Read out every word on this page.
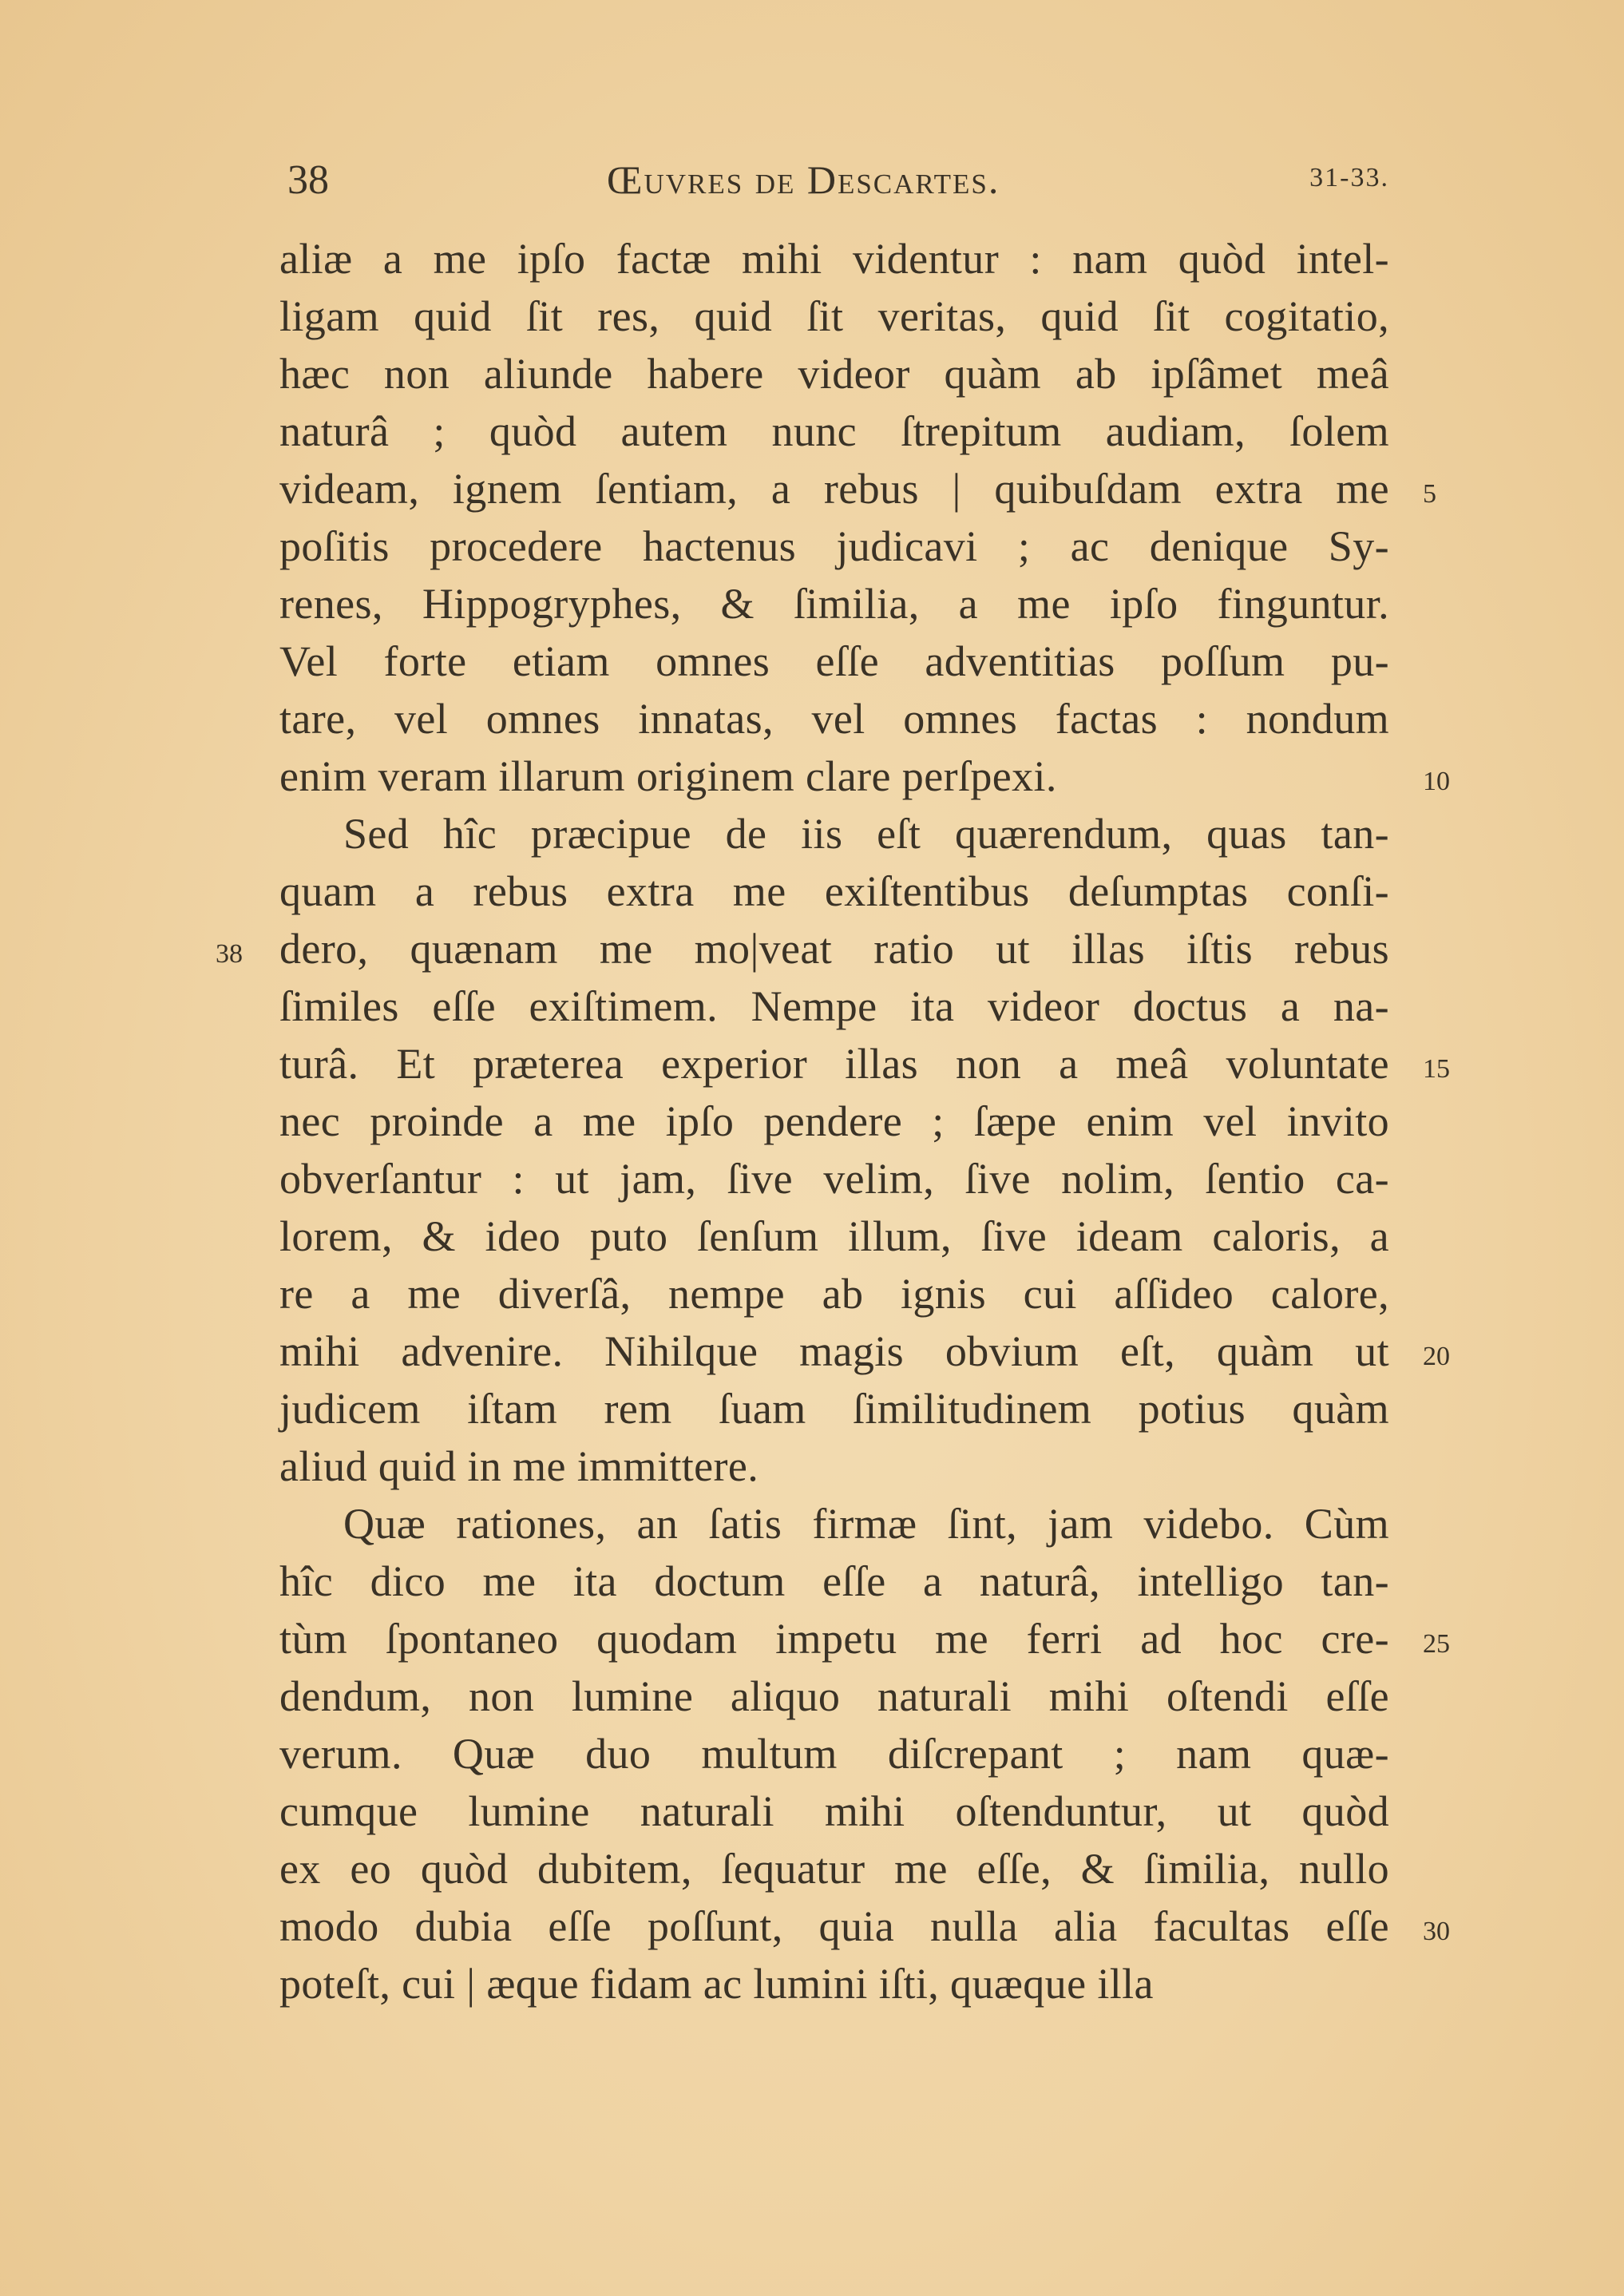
38	Œuvres de Descartes.	31-33.
aliæ a me ipſo factæ mihi videntur : nam quòd intel-
ligam quid ſit res, quid ſit veritas, quid ſit cogitatio,
hæc non aliunde habere videor quàm ab ipſâmet meâ
naturâ ; quòd autem nunc ſtrepitum audiam, ſolem
videam, ignem ſentiam, a rebus | quibuſdam extra me
poſitis procedere hactenus judicavi ; ac denique Sy-
renes, Hippogryphes, & ſimilia, a me ipſo finguntur.
Vel forte etiam omnes eſſe adventitias poſſum pu-
tare, vel omnes innatas, vel omnes factas : nondum
enim veram illarum originem clare perſpexi.
Sed hîc præcipue de iis eſt quærendum, quas tan-
quam a rebus extra me exiſtentibus deſumptas conſi-
dero, quænam me mo|veat ratio ut illas iſtis rebus
ſimiles eſſe exiſtimem. Nempe ita videor doctus a na-
turâ. Et præterea experior illas non a meâ voluntate
nec proinde a me ipſo pendere ; ſæpe enim vel invito
obverſantur : ut jam, ſive velim, ſive nolim, ſentio ca-
lorem, & ideo puto ſenſum illum, ſive ideam caloris, a
re a me diverſâ, nempe ab ignis cui aſſideo calore,
mihi advenire. Nihilque magis obvium eſt, quàm ut
judicem iſtam rem ſuam ſimilitudinem potius quàm
aliud quid in me immittere.
Quæ rationes, an ſatis firmæ ſint, jam videbo. Cùm
hîc dico me ita doctum eſſe a naturâ, intelligo tan-
tùm ſpontaneo quodam impetu me ferri ad hoc cre-
dendum, non lumine aliquo naturali mihi oſtendi eſſe
verum. Quæ duo multum diſcrepant ; nam quæ-
cumque lumine naturali mihi oſtenduntur, ut quòd
ex eo quòd dubitem, ſequatur me eſſe, & ſimilia, nullo
modo dubia eſſe poſſunt, quia nulla alia facultas eſſe
poteſt, cui | æque fidam ac lumini iſti, quæque illa
5
10
15
20
25
30
38
